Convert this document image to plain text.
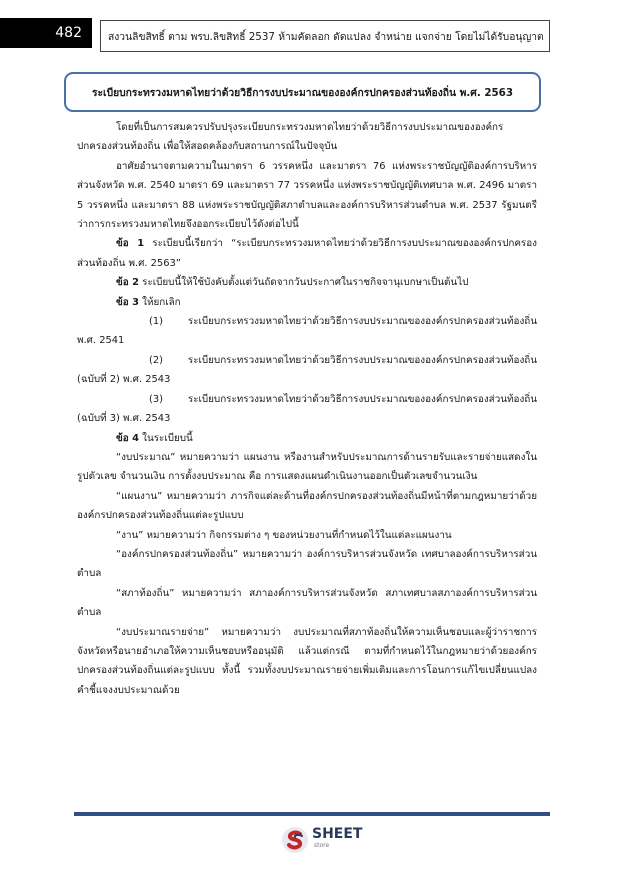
482	สงวนลิขสิทธิ์ ตาม พรบ.ลิขสิทธิ์ 2537 ห้ามคัดลอก ดัดแปลง จำหน่าย แจกจ่าย โดยไม่ได้รับอนุญาต
ระเบียบกระทรวงมหาดไทยว่าด้วยวิธีการงบประมาณขององค์กรปกครองส่วนท้องถิ่น พ.ศ. 2563

โดยที่เป็นการสมควรปรับปรุงระเบียบกระทรวงมหาดไทยว่าด้วยวิธีการงบประมาณขององค์กรปกครองส่วนท้องถิ่น เพื่อให้สอดคล้องกับสถานการณ์ในปัจจุบัน

อาศัยอำนาจตามความในมาตรา 6 วรรคหนึ่ง และมาตรา 76 แห่งพระราชบัญญัติองค์การบริหารส่วนจังหวัด พ.ศ. 2540 มาตรา 69 และมาตรา 77 วรรคหนึ่ง แห่งพระราชบัญญัติเทศบาล พ.ศ. 2496 มาตรา 5 วรรคหนึ่ง และมาตรา 88 แห่งพระราชบัญญัติสภาตำบลและองค์การบริหารส่วนตำบล พ.ศ. 2537 รัฐมนตรีว่าการกระทรวงมหาดไทยจึงออกระเบียบไว้ดังต่อไปนี้

ข้อ 1 ระเบียบนี้เรียกว่า “ระเบียบกระทรวงมหาดไทยว่าด้วยวิธีการงบประมาณขององค์กรปกครองส่วนท้องถิ่น พ.ศ. 2563”

ข้อ 2 ระเบียบนี้ให้ใช้บังคับตั้งแต่วันถัดจากวันประกาศในราชกิจจานุเบกษาเป็นต้นไป

ข้อ 3 ให้ยกเลิก

(1) ระเบียบกระทรวงมหาดไทยว่าด้วยวิธีการงบประมาณขององค์กรปกครองส่วนท้องถิ่น พ.ศ. 2541

(2) ระเบียบกระทรวงมหาดไทยว่าด้วยวิธีการงบประมาณขององค์กรปกครองส่วนท้องถิ่น (ฉบับที่ 2) พ.ศ. 2543

(3) ระเบียบกระทรวงมหาดไทยว่าด้วยวิธีการงบประมาณขององค์กรปกครองส่วนท้องถิ่น (ฉบับที่ 3) พ.ศ. 2543

ข้อ 4 ในระเบียบนี้

“งบประมาณ” หมายความว่า แผนงาน หรืองานสำหรับประมาณการด้านรายรับและรายจ่ายแสดงในรูปตัวเลข จำนวนเงิน การตั้งงบประมาณ คือ การแสดงแผนดำเนินงานออกเป็นตัวเลขจำนวนเงิน

“แผนงาน” หมายความว่า ภารกิจแต่ละด้านที่องค์กรปกครองส่วนท้องถิ่นมีหน้าที่ตามกฎหมายว่าด้วยองค์กรปกครองส่วนท้องถิ่นแต่ละรูปแบบ

“งาน” หมายความว่า กิจกรรมต่าง ๆ ของหน่วยงานที่กำหนดไว้ในแต่ละแผนงาน

“องค์กรปกครองส่วนท้องถิ่น” หมายความว่า องค์การบริหารส่วนจังหวัด เทศบาลองค์การบริหารส่วนตำบล

“สภาท้องถิ่น” หมายความว่า สภาองค์การบริหารส่วนจังหวัด สภาเทศบาลสภาองค์การบริหารส่วนตำบล

“งบประมาณรายจ่าย” หมายความว่า งบประมาณที่สภาท้องถิ่นให้ความเห็นชอบและผู้ว่าราชการจังหวัดหรือนายอำเภอให้ความเห็นชอบหรืออนุมัติ แล้วแต่กรณี ตามที่กำหนดไว้ในกฎหมายว่าด้วยองค์กรปกครองส่วนท้องถิ่นแต่ละรูปแบบ ทั้งนี้ รวมทั้งงบประมาณรายจ่ายเพิ่มเติมและการโอนการแก้ไขเปลี่ยนแปลงคำชี้แจงงบประมาณด้วย

SHEET
store
